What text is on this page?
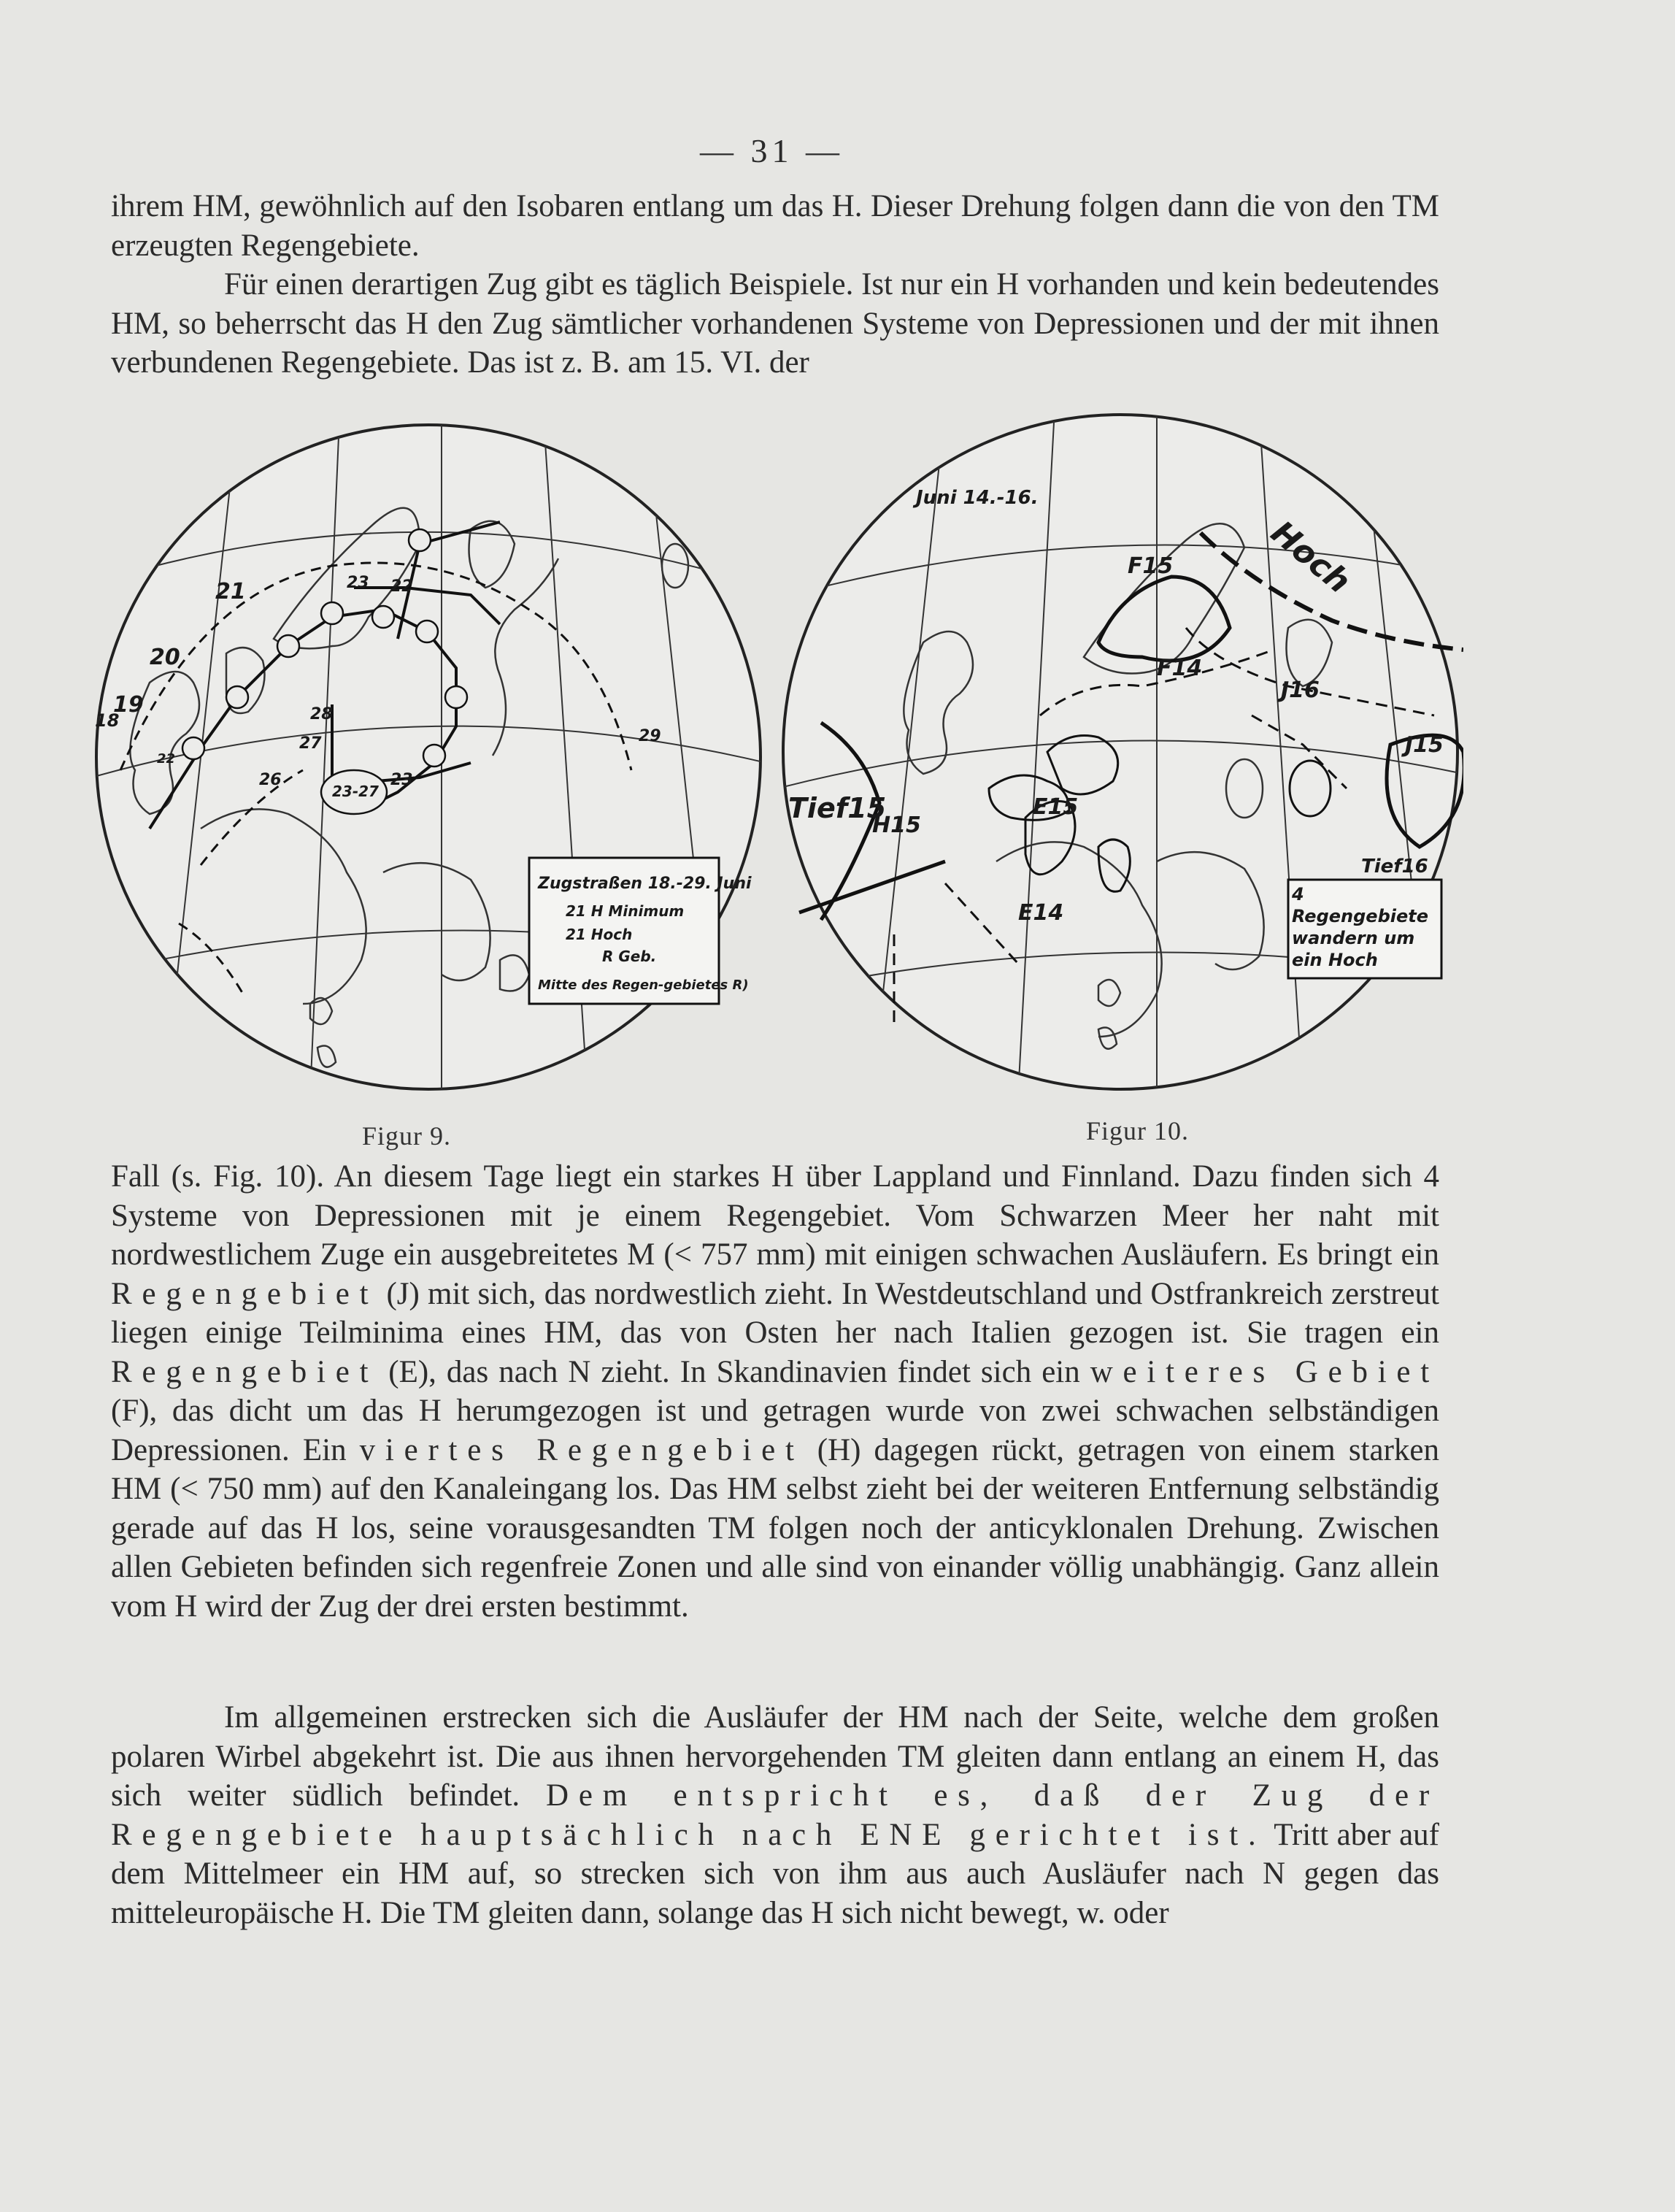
— 31 —

ihrem HM, gewöhnlich auf den Isobaren entlang um das H. Dieser Drehung folgen dann die von den TM erzeugten Regengebiete.

Für einen derartigen Zug gibt es täglich Beispiele. Ist nur ein H vorhanden und kein bedeutendes HM, so beherrscht das H den Zug sämtlicher vorhandenen Systeme von Depressionen und der mit ihnen verbundenen Regengebiete. Das ist z. B. am 15. VI. der

21
20
19
18	28
27
26	23
23 22
29
22
23-27
Zugstraßen 18.-29. Juni
21 H Minimum
21 Hoch
R Geb.
Mitte des Regen-gebietes R)
Figur 9.
Juni 14.-16.
Hoch
F15
F14
J16
J15
Tief15
H15
E15
E14
Tief16
4 Regengebiete wandern um ein Hoch
Figur 10.

Fall (s. Fig. 10). An diesem Tage liegt ein starkes H über Lappland und Finnland. Dazu finden sich 4 Systeme von Depressionen mit je einem Regengebiet. Vom Schwarzen Meer her naht mit nordwestlichem Zuge ein ausgebreitetes M (< 757 mm) mit einigen schwachen Ausläufern. Es bringt ein Regengebiet (J) mit sich, das nordwestlich zieht. In Westdeutschland und Ostfrankreich zerstreut liegen einige Teilminima eines HM, das von Osten her nach Italien gezogen ist. Sie tragen ein Regengebiet (E), das nach N zieht. In Skandinavien findet sich ein weiteres Gebiet (F), das dicht um das H herumgezogen ist und getragen wurde von zwei schwachen selbständigen Depressionen. Ein viertes Regengebiet (H) dagegen rückt, getragen von einem starken HM (< 750 mm) auf den Kanaleingang los. Das HM selbst zieht bei der weiteren Entfernung selbständig gerade auf das H los, seine vorausgesandten TM folgen noch der anticyklonalen Drehung. Zwischen allen Gebieten befinden sich regenfreie Zonen und alle sind von einander völlig unabhängig. Ganz allein vom H wird der Zug der drei ersten bestimmt.

Im allgemeinen erstrecken sich die Ausläufer der HM nach der Seite, welche dem großen polaren Wirbel abgekehrt ist. Die aus ihnen hervorgehenden TM gleiten dann entlang an einem H, das sich weiter südlich befindet. Dem entspricht es, daß der Zug der Regengebiete hauptsächlich nach ENE gerichtet ist. Tritt aber auf dem Mittelmeer ein HM auf, so strecken sich von ihm aus auch Ausläufer nach N gegen das mitteleuropäische H. Die TM gleiten dann, solange das H sich nicht bewegt, w. oder
